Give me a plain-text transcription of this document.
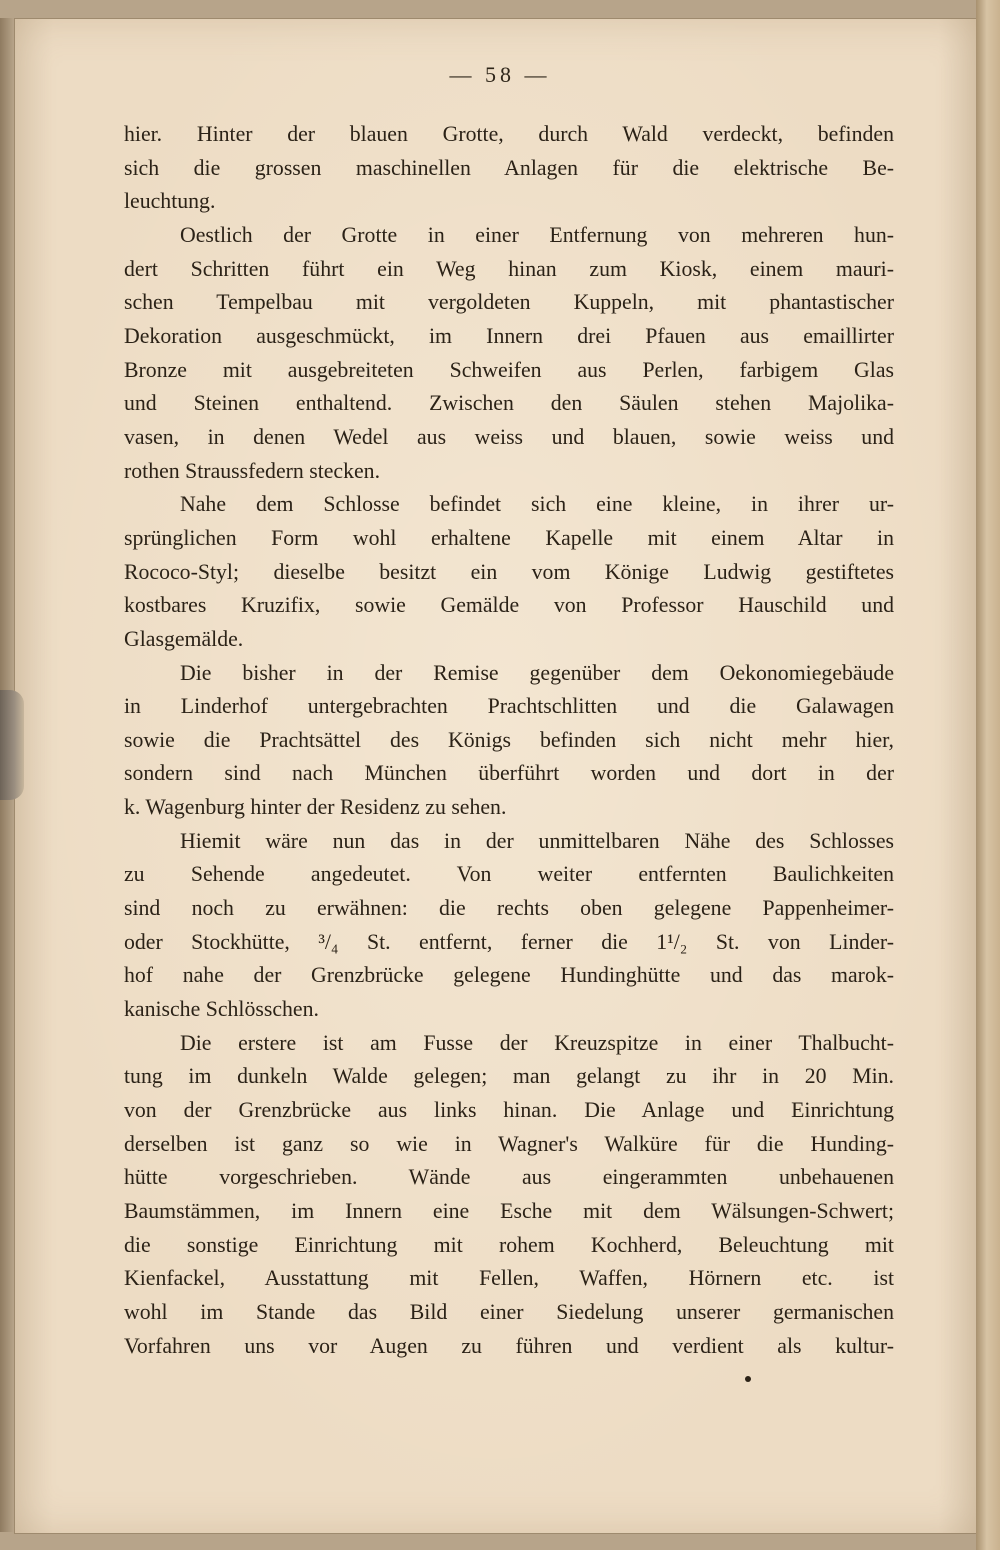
— 58 —

hier. Hinter der blauen Grotte, durch Wald verdeckt, befinden
sich die grossen maschinellen Anlagen für die elektrische Be-
leuchtung.

Oestlich der Grotte in einer Entfernung von mehreren hun-
dert Schritten führt ein Weg hinan zum Kiosk, einem mauri-
schen Tempelbau mit vergoldeten Kuppeln, mit phantastischer
Dekoration ausgeschmückt, im Innern drei Pfauen aus emaillirter
Bronze mit ausgebreiteten Schweifen aus Perlen, farbigem Glas
und Steinen enthaltend. Zwischen den Säulen stehen Majolika-
vasen, in denen Wedel aus weiss und blauen, sowie weiss und
rothen Straussfedern stecken.

Nahe dem Schlosse befindet sich eine kleine, in ihrer ur-
sprünglichen Form wohl erhaltene Kapelle mit einem Altar in
Rococo-Styl; dieselbe besitzt ein vom Könige Ludwig gestiftetes
kostbares Kruzifix, sowie Gemälde von Professor Hauschild und
Glasgemälde.

Die bisher in der Remise gegenüber dem Oekonomiegebäude
in Linderhof untergebrachten Prachtschlitten und die Galawagen
sowie die Prachtsättel des Königs befinden sich nicht mehr hier,
sondern sind nach München überführt worden und dort in der
k. Wagenburg hinter der Residenz zu sehen.

Hiemit wäre nun das in der unmittelbaren Nähe des Schlosses
zu Sehende angedeutet. Von weiter entfernten Baulichkeiten
sind noch zu erwähnen: die rechts oben gelegene Pappenheimer-
oder Stockhütte, ³/₄ St. entfernt, ferner die 1¹/₂ St. von Linder-
hof nahe der Grenzbrücke gelegene Hundinghütte und das marok-
kanische Schlösschen.

Die erstere ist am Fusse der Kreuzspitze in einer Thalbucht-
tung im dunkeln Walde gelegen; man gelangt zu ihr in 20 Min.
von der Grenzbrücke aus links hinan. Die Anlage und Einrichtung
derselben ist ganz so wie in Wagner's Walküre für die Hunding-
hütte vorgeschrieben. Wände aus eingerammten unbehauenen
Baumstämmen, im Innern eine Esche mit dem Wälsungen-Schwert;
die sonstige Einrichtung mit rohem Kochherd, Beleuchtung mit
Kienfackel, Ausstattung mit Fellen, Waffen, Hörnern etc. ist
wohl im Stande das Bild einer Siedelung unserer germanischen
Vorfahren uns vor Augen zu führen und verdient als kultur-
